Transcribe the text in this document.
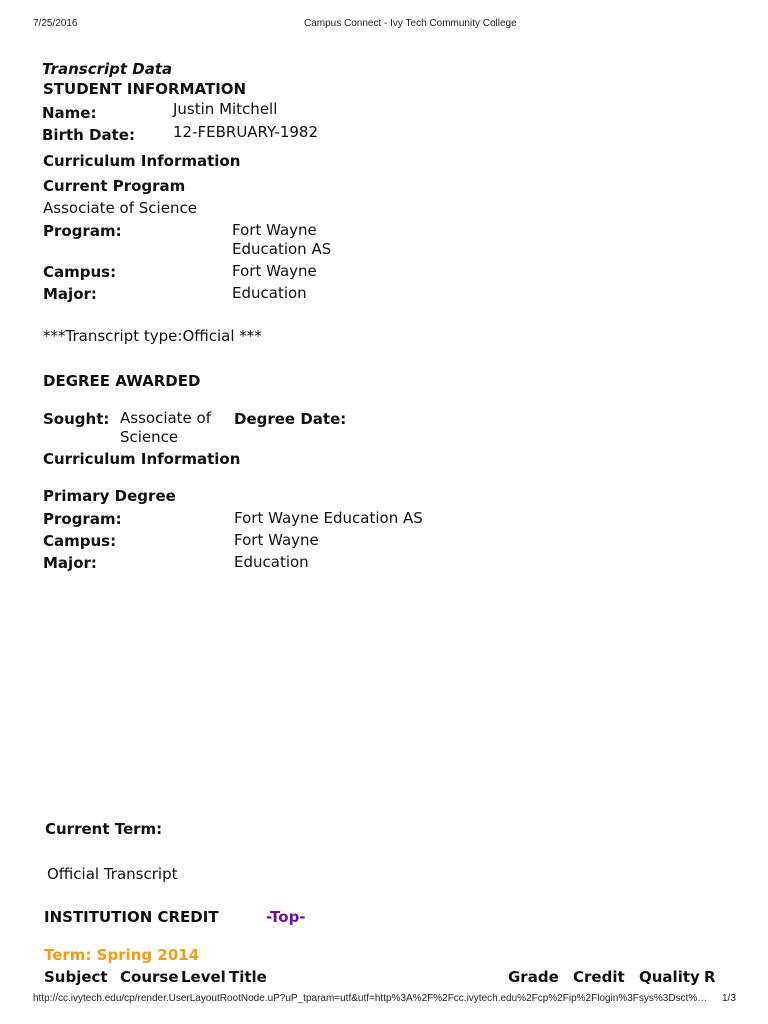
7/25/2016	Campus Connect - Ivy Tech Community College
Transcript Data
STUDENT INFORMATION
Name:	Justin Mitchell
Birth Date:	12-FEBRUARY-1982
Curriculum Information
Current Program
Associate of Science
Program:	Fort Wayne
Education AS
Campus:	Fort Wayne
Major:	Education
***Transcript type:Official ***
DEGREE AWARDED
Sought: Associate of
Science
Degree Date:
Curriculum Information
Primary Degree
Program:	Fort Wayne Education AS
Campus:	Fort Wayne
Major:	Education
Current Term:
Official Transcript
INSTITUTION CREDIT	-Top-
Term: Spring 2014
Subject Course Level Title	Grade Credit Quality R
http://cc.ivytech.edu/cp/render.UserLayoutRootNode.uP?uP_tparam=utf&utf=http%3A%2F%2Fcc.ivytech.edu%2Fcp%2Fip%2Flogin%3Fsys%3Dsct%…	1/3
